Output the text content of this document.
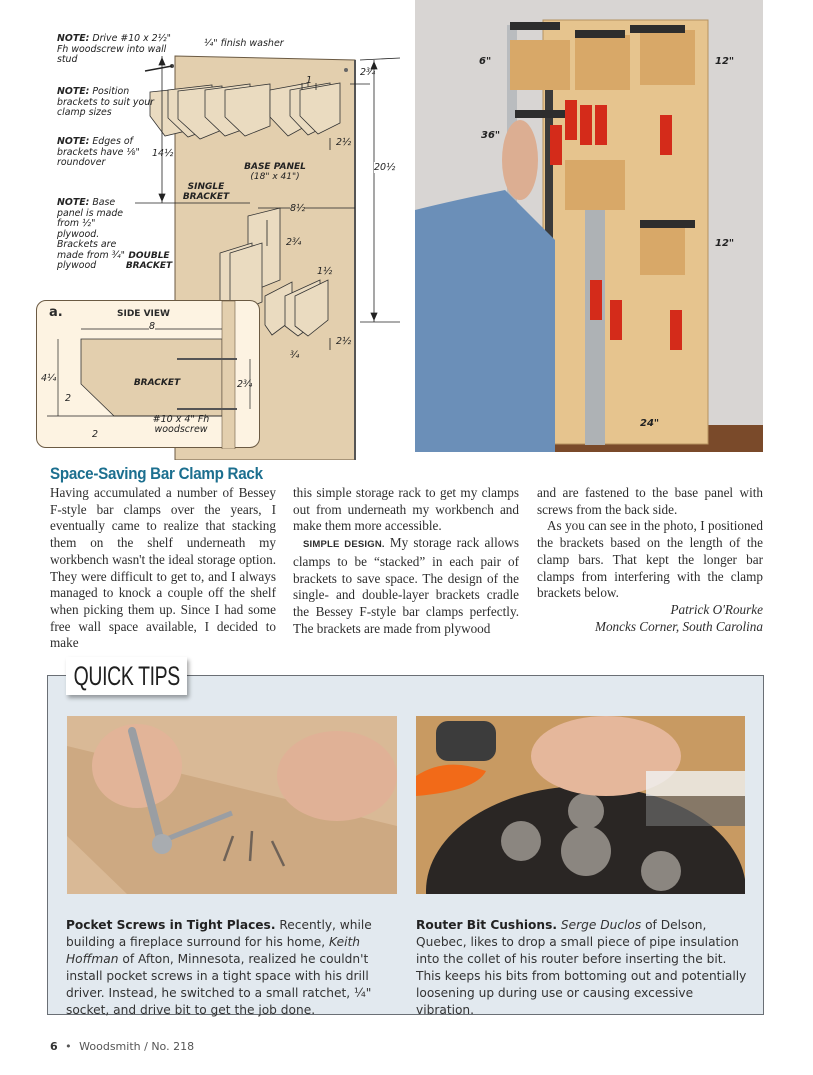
NOTE: Drive #10 x 2½" Fh woodscrew into wall stud
NOTE: Position brackets to suit your clamp sizes
NOTE: Edges of brackets have ⅛" roundover
NOTE: Base panel is made from ½" plywood. Brackets are made from ¾" plywood
¼" finish washer
BASE PANEL
(18" x 41")
SINGLE BRACKET
DOUBLE BRACKET
2¾
1
2½
14½
20½
8½
2¾
1½
2½
¾
a.	SIDE VIEW
8
4¼
2
2
2¾
BRACKET
#10 x 4" Fh woodscrew
6"	12"
36"
12"
24"
Space-Saving Bar Clamp Rack

Having accumulated a number of Bessey F-style bar clamps over the years, I eventually came to realize that stacking them on the shelf underneath my workbench wasn't the ideal storage option. They were difficult to get to, and I always managed to knock a couple off the shelf when picking them up. Since I had some free wall space available, I decided to make

this simple storage rack to get my clamps out from underneath my workbench and make them more accessible.

SIMPLE DESIGN. My storage rack allows clamps to be “stacked” in each pair of brackets to save space. The design of the single- and double-layer brackets cradle the Bessey F-style bar clamps perfectly. The brackets are made from plywood

and are fastened to the base panel with screws from the back side.

As you can see in the photo, I positioned the brackets based on the length of the clamp bars. That kept the longer bar clamps from interfering with the clamp brackets below.

Patrick O'Rourke

Moncks Corner, South Carolina

QUICK TIPS
Pocket Screws in Tight Places. Recently, while building a fireplace surround for his home, Keith Hoffman of Afton, Minnesota, realized he couldn't install pocket screws in a tight space with his drill driver. Instead, he switched to a small ratchet, ¼" socket, and drive bit to get the job done.
Router Bit Cushions. Serge Duclos of Delson, Quebec, likes to drop a small piece of pipe insulation into the collet of his router before inserting the bit. This keeps his bits from bottoming out and potentially loosening up during use or causing excessive vibration.
6 • Woodsmith / No. 218
